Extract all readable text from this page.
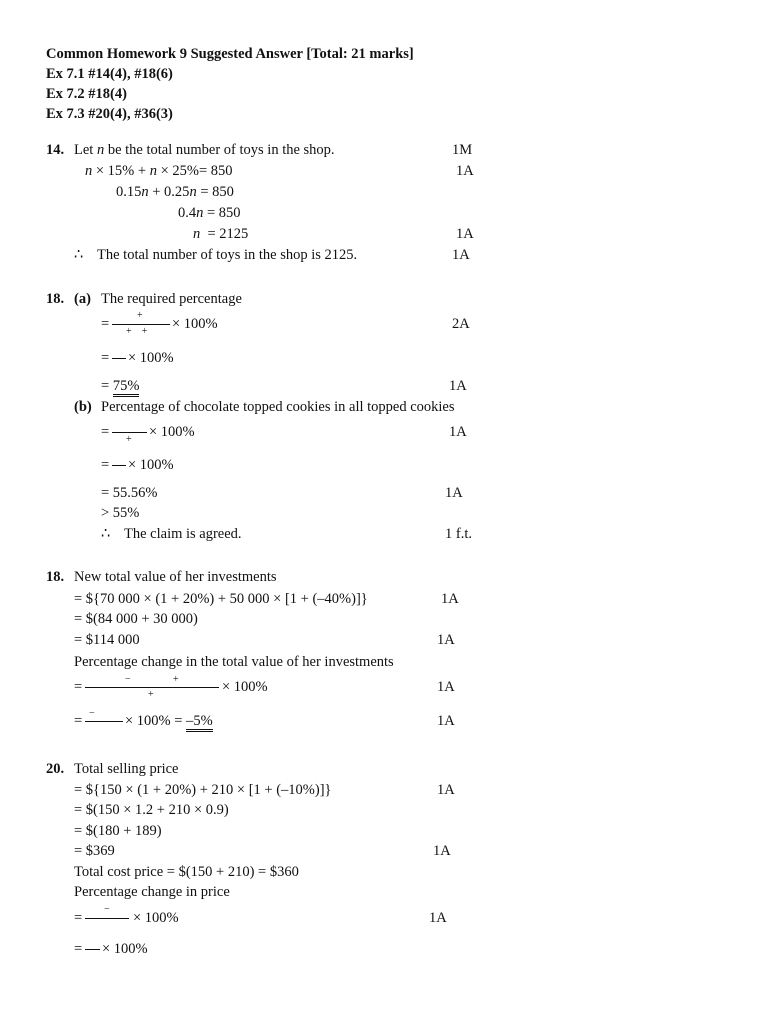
Common Homework 9 Suggested Answer [Total: 21 marks]
Ex 7.1 #14(4), #18(6)
Ex 7.2 #18(4)
Ex 7.3 #20(4), #36(3)
14. Let n be the total number of toys in the shop.	1M
n × 15% + n × 25%= 850	1A
0.15n + 0.25n = 850
0.4n = 850
n  = 2125	1A
∴ The total number of toys in the shop is 2125.	1A
18. (a) The required percentage
=
+
+    + × 100%	2A
= × 100%
= 75%	1A
(b) Percentage of chocolate topped cookies in all topped cookies
= + × 100%	1A
= × 100%
= 55.56%	1A
> 55%
∴ The claim is agreed.	1 f.t.
18. New total value of her investments
= ${70 000 × (1 + 20%) + 50 000 × [1 + (–40%)]}	1A
= $(84 000 + 30 000)
= $114 000	1A
Percentage change in the total value of her investments
=	−	+
+	× 100%	1A
= − × 100% = –5%	1A
20. Total selling price
= ${150 × (1 + 20%) + 210 × [1 + (–10%)]}	1A
= $(150 × 1.2 + 210 × 0.9)
= $(180 + 189)
= $369	1A
Total cost price = $(150 + 210) = $360
Percentage change in price
=
−
× 100%	1A
= × 100%
